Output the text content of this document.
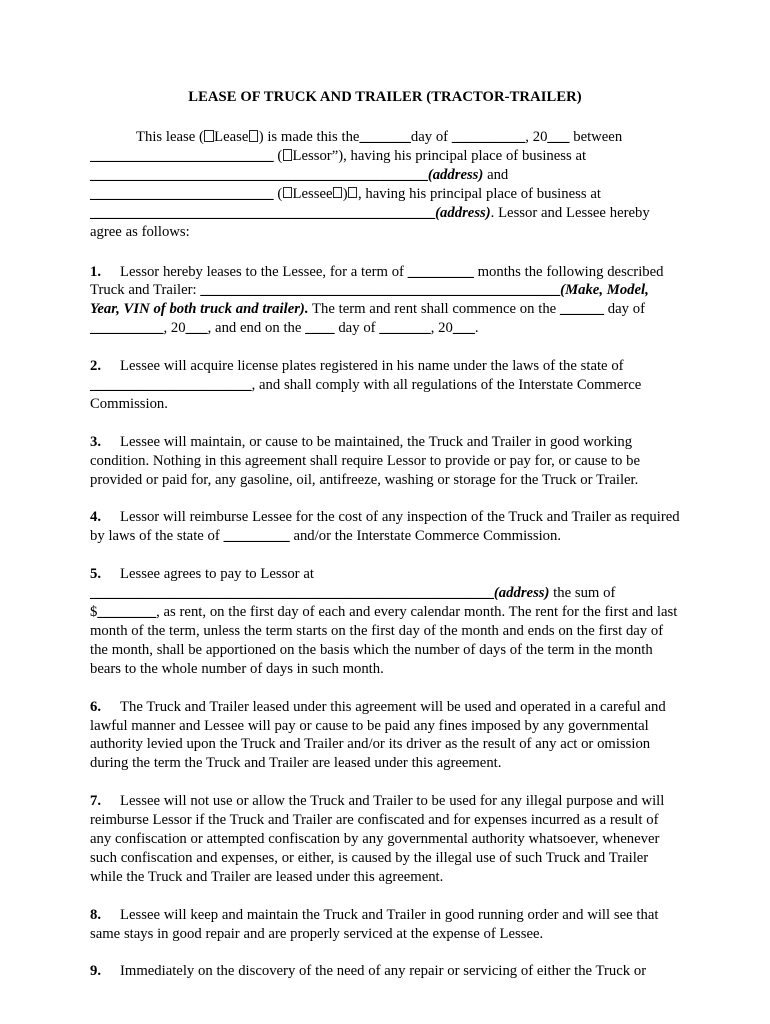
LEASE OF TRUCK AND TRAILER (TRACTOR-TRAILER)

This lease ( Lease ) is made this the_______day of __________, 20___ between
_________________________ ( Lessor”), having his principal place of business at
______________________________________________(address) and
_________________________ ( Lessee ) , having his principal place of business at
_______________________________________________(address). Lessor and Lessee hereby
agree as follows:

1. Lessor hereby leases to the Lessee, for a term of _________ months the following described Truck and Trailer: _________________________________________________(Make, Model, Year, VIN of both truck and trailer). The term and rent shall commence on the ______ day of __________, 20___, and end on the ____ day of _______, 20___.

2. Lessee will acquire license plates registered in his name under the laws of the state of ______________________, and shall comply with all regulations of the Interstate Commerce Commission.

3. Lessee will maintain, or cause to be maintained, the Truck and Trailer in good working condition. Nothing in this agreement shall require Lessor to provide or pay for, or cause to be provided or paid for, any gasoline, oil, antifreeze, washing or storage for the Truck or Trailer.

4. Lessor will reimburse Lessee for the cost of any inspection of the Truck and Trailer as required by laws of the state of _________ and/or the Interstate Commerce Commission.

5. Lessee agrees to pay to Lessor at _______________________________________________________(address) the sum of $________, as rent, on the first day of each and every calendar month. The rent for the first and last month of the term, unless the term starts on the first day of the month and ends on the first day of the month, shall be apportioned on the basis which the number of days of the term in the month bears to the whole number of days in such month.

6. The Truck and Trailer leased under this agreement will be used and operated in a careful and lawful manner and Lessee will pay or cause to be paid any fines imposed by any governmental authority levied upon the Truck and Trailer and/or its driver as the result of any act or omission during the term the Truck and Trailer are leased under this agreement.

7. Lessee will not use or allow the Truck and Trailer to be used for any illegal purpose and will reimburse Lessor if the Truck and Trailer are confiscated and for expenses incurred as a result of any confiscation or attempted confiscation by any governmental authority whatsoever, whenever such confiscation and expenses, or either, is caused by the illegal use of such Truck and Trailer while the Truck and Trailer are leased under this agreement.

8. Lessee will keep and maintain the Truck and Trailer in good running order and will see that same stays in good repair and are properly serviced at the expense of Lessee.

9. Immediately on the discovery of the need of any repair or servicing of either the Truck or
